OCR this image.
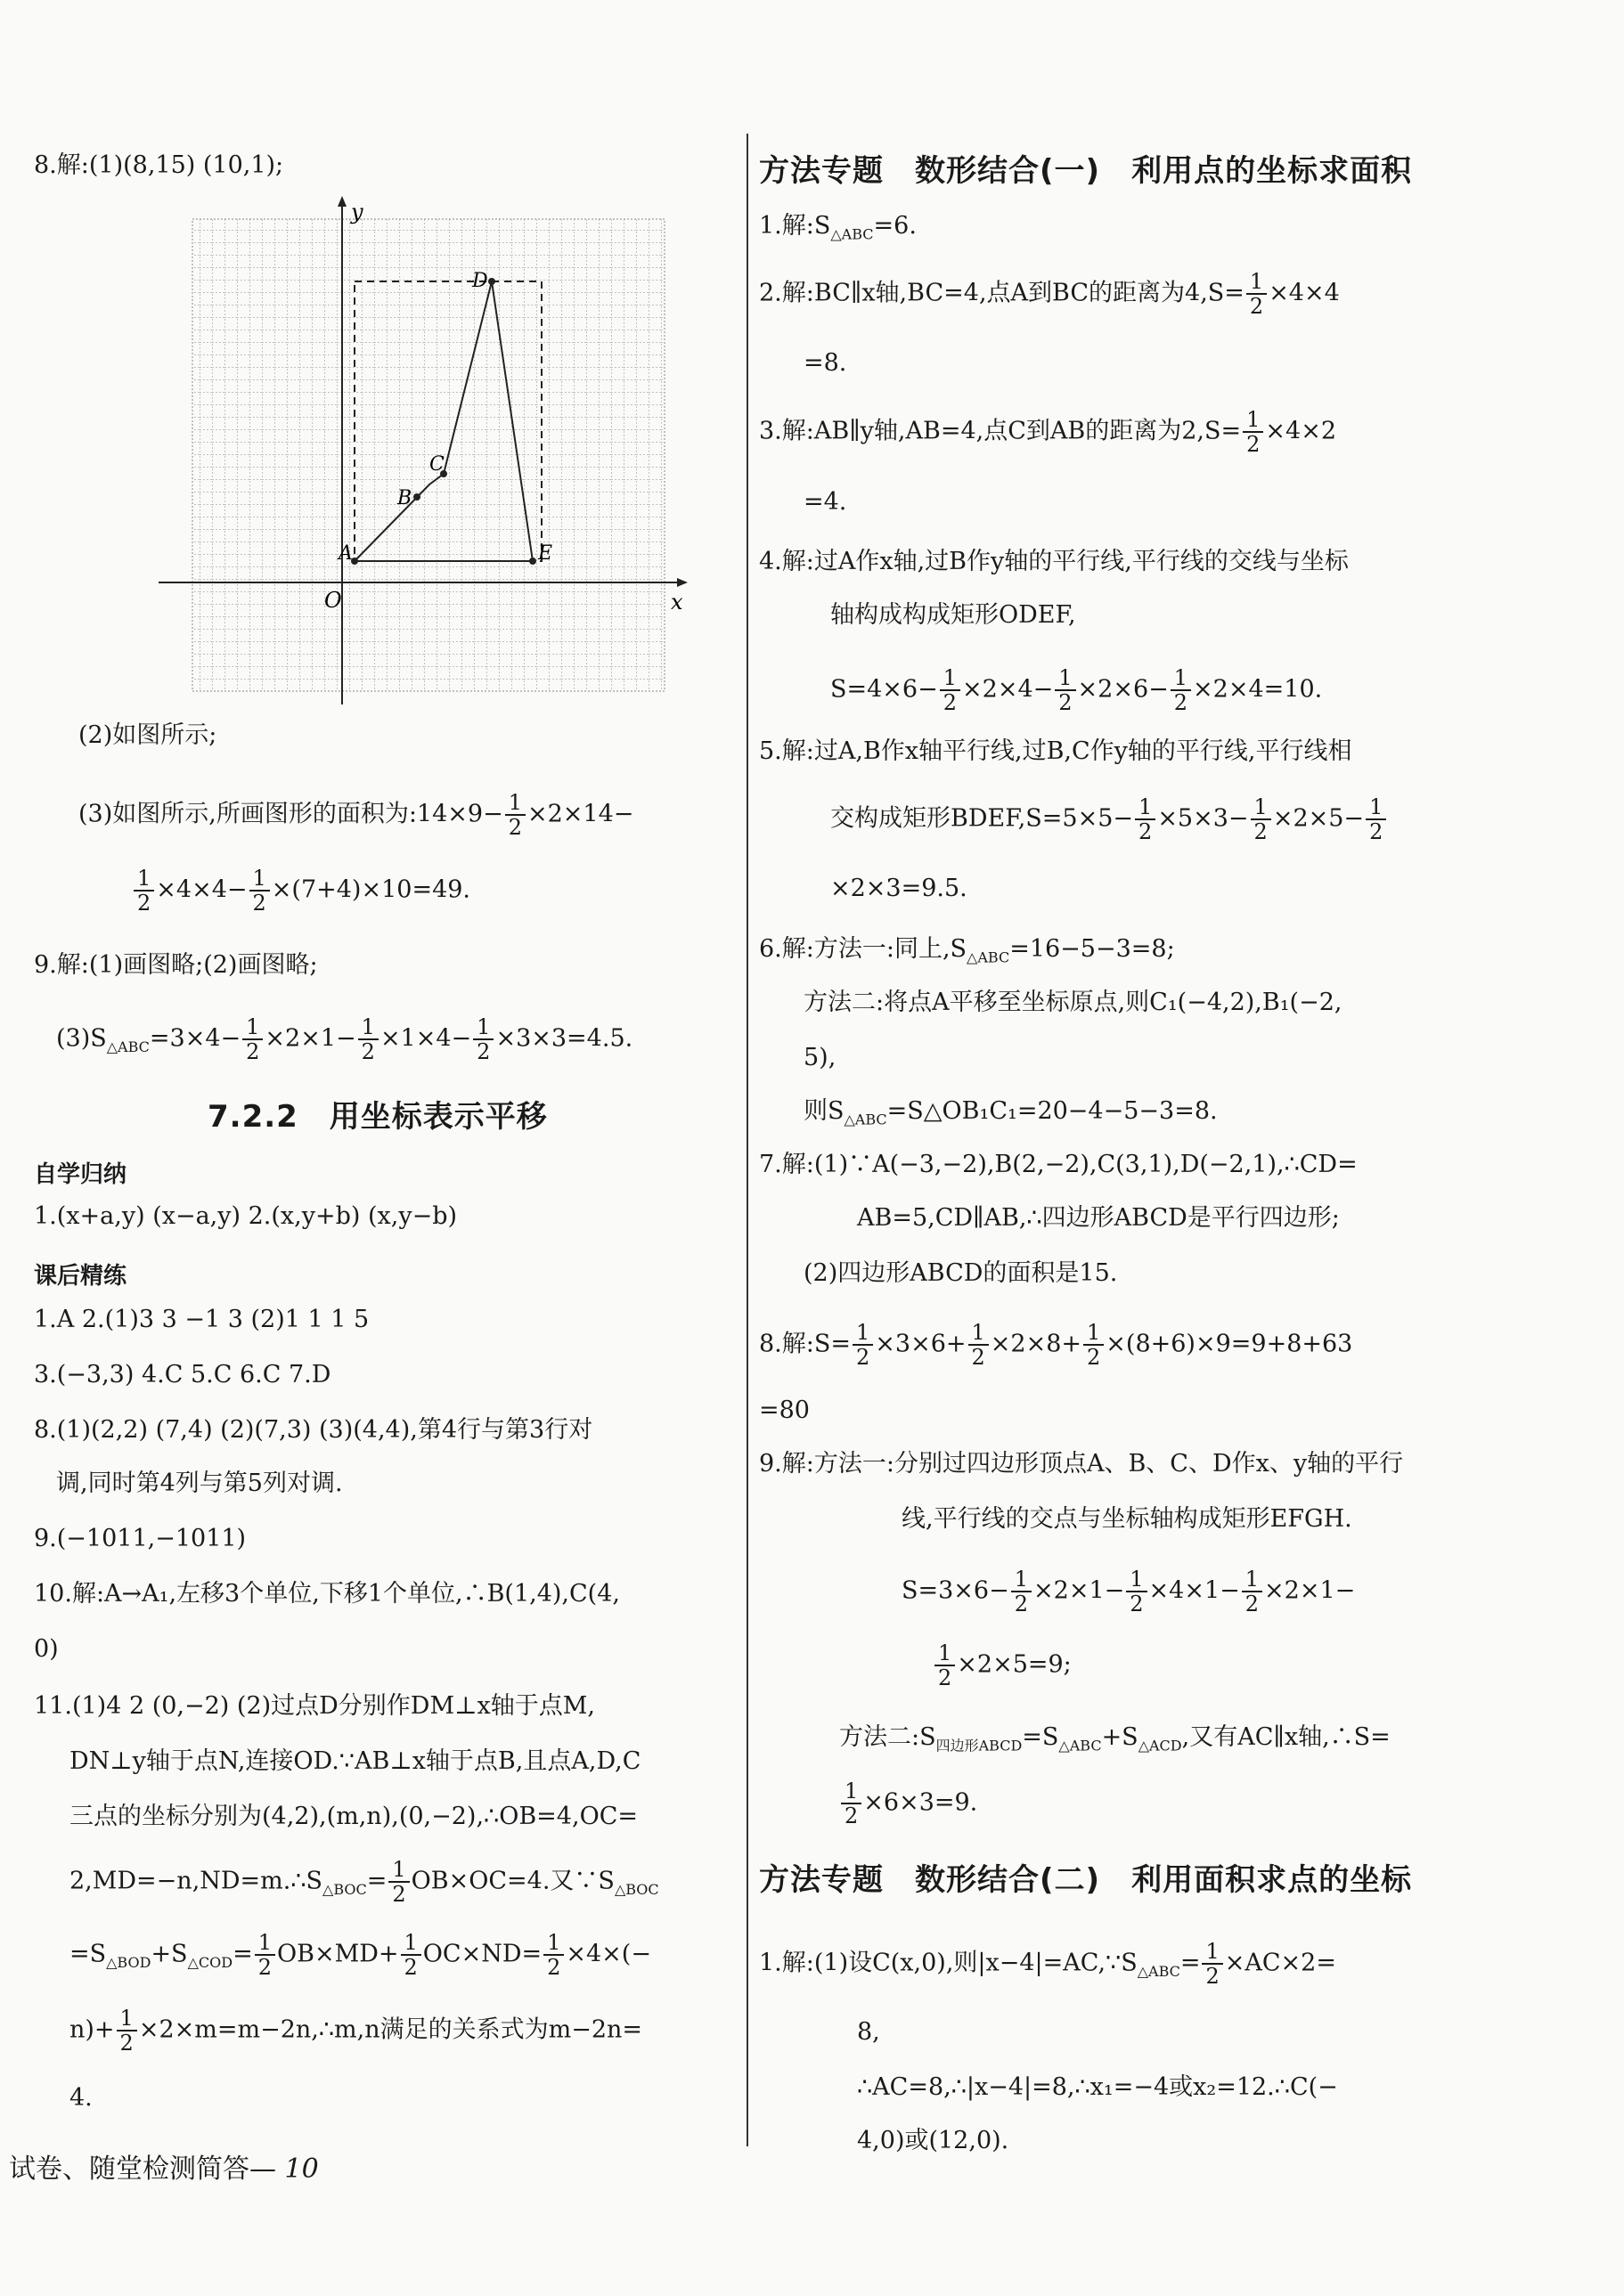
8.解:(1)(8,15) (10,1);
y
x
O
A
B
C
D
E
(2)如图所示;
(3)如图所示,所画图形的面积为:14×9− $\frac{1}{2} \times 2\times 14-$
$\frac{1}{2} \times 4\times 4- \frac{1}{2} \times(7+4)\times 10=49$.
9.解:(1)画图略;(2)画图略;
$(3)S_{\triangle ABC}=3\times 4- \frac{1}{2} \times 2\times 1- \frac{1}{2} \times 1\times 4- \frac{1}{2} \times 3\times 3=4.5$.
7.2.2　用坐标表示平移
自学归纳
1.(x+a,y) (x−a,y) 2.(x,y+b) (x,y−b)
课后精练
1.A 2.(1)3 3 −1 3 (2)1 1 1 5
3.(−3,3) 4.C 5.C 6.C 7.D
8.(1)(2,2) (7,4) (2)(7,3) (3)(4,4),第4行与第3行对
调,同时第4列与第5列对调.
9.(−1011,−1011)
10.解:A→A₁,左移3个单位,下移1个单位,∴B(1,4),C(4,
0)
11.(1)4 2 (0,−2) (2)过点D分别作DM⊥x轴于点M,
DN⊥y轴于点N,连接OD.∵AB⊥x轴于点B,且点A,D,C
三点的坐标分别为(4,2),(m,n),(0,−2),∴OB=4,OC=
$2,MD=-n,ND=m.\therefore S_{\triangle BOC}= \frac{1}{2} OB\times OC=4$.又$\because S_{\triangle BOC}$
$=S_{\triangle BOD}+S_{\triangle COD}= \frac{1}{2} OB\times MD+ \frac{1}{2} OC\times ND= \frac{1}{2} \times 4\times(-$
$n)+ \frac{1}{2}$ ×2×m=m−2n,∴m,n满足的关系式为m−2n=
4.
方法专题　数形结合(一)　利用点的坐标求面积
1.解$:S_{\triangle ABC}=6$.
2.解:BC∥x轴,BC=4,点A到BC的距离为$4,S= \frac{1}{2} \times 4\times 4$
=8.
3.解:AB∥y轴,AB=4,点C到AB的距离为$2,S= \frac{1}{2} \times 4\times 2$
=4.
4.解:过A作x轴,过B作y轴的平行线,平行线的交线与坐标
轴构成构成矩形ODEF,
$S=4\times 6- \frac{1}{2} \times 2\times 4- \frac{1}{2} \times 2\times 6- \frac{1}{2} \times 2\times 4=10$.
5.解:过A,B作x轴平行线,过B,C作y轴的平行线,平行线相
交构成矩形BDEF,S=5×5− $\frac{1}{2} \times 5\times 3- \frac{1}{2} \times 2\times 5- \frac{1}{2}$
×2×3=9.5.
6.解:方法一:同上$,S_{\triangle ABC}=16-5-3=8$;
方法二:将点A平移至坐标原点,则C₁(−4,2),B₁(−2,
5),
则$S_{\triangle ABC}=S\triangle OB_1C_1=20-4-5-3=8$.
7.解:(1)∵A(−3,−2),B(2,−2),C(3,1),D(−2,1),∴CD=
AB=5,CD∥AB,∴四边形ABCD是平行四边形;
(2)四边形ABCD的面积是15.
8.解:S= $\frac{1}{2} \times 3\times 6+ \frac{1}{2} \times 2\times 8+ \frac{1}{2} \times(8+6)\times 9=9+8+63$
=80
9.解:方法一:分别过四边形顶点A、B、C、D作x、y轴的平行
线,平行线的交点与坐标轴构成矩形EFGH.
$S=3\times 6- \frac{1}{2} \times 2\times 1- \frac{1}{2} \times 4\times 1- \frac{1}{2} \times 2\times 1-$
$\frac{1}{2} \times 2\times 5=9$;
方法二$:S_{四边形ABCD}=S_{\triangle ABC}+S_{\triangle ACD}$,又有AC∥x轴,∴S=
$\frac{1}{2} \times 6\times 3=9$.
方法专题　数形结合(二)　利用面积求点的坐标
1.解:(1)设C(x,0),则$|x-4|=AC,\because S_{\triangle ABC}= \frac{1}{2} \times AC\times 2=$
8,
∴AC=8,∴|x−4|=8,∴x₁=−4或x₂=12.∴C(−
4,0)或(12,0).
试卷、随堂检测简答— 10
